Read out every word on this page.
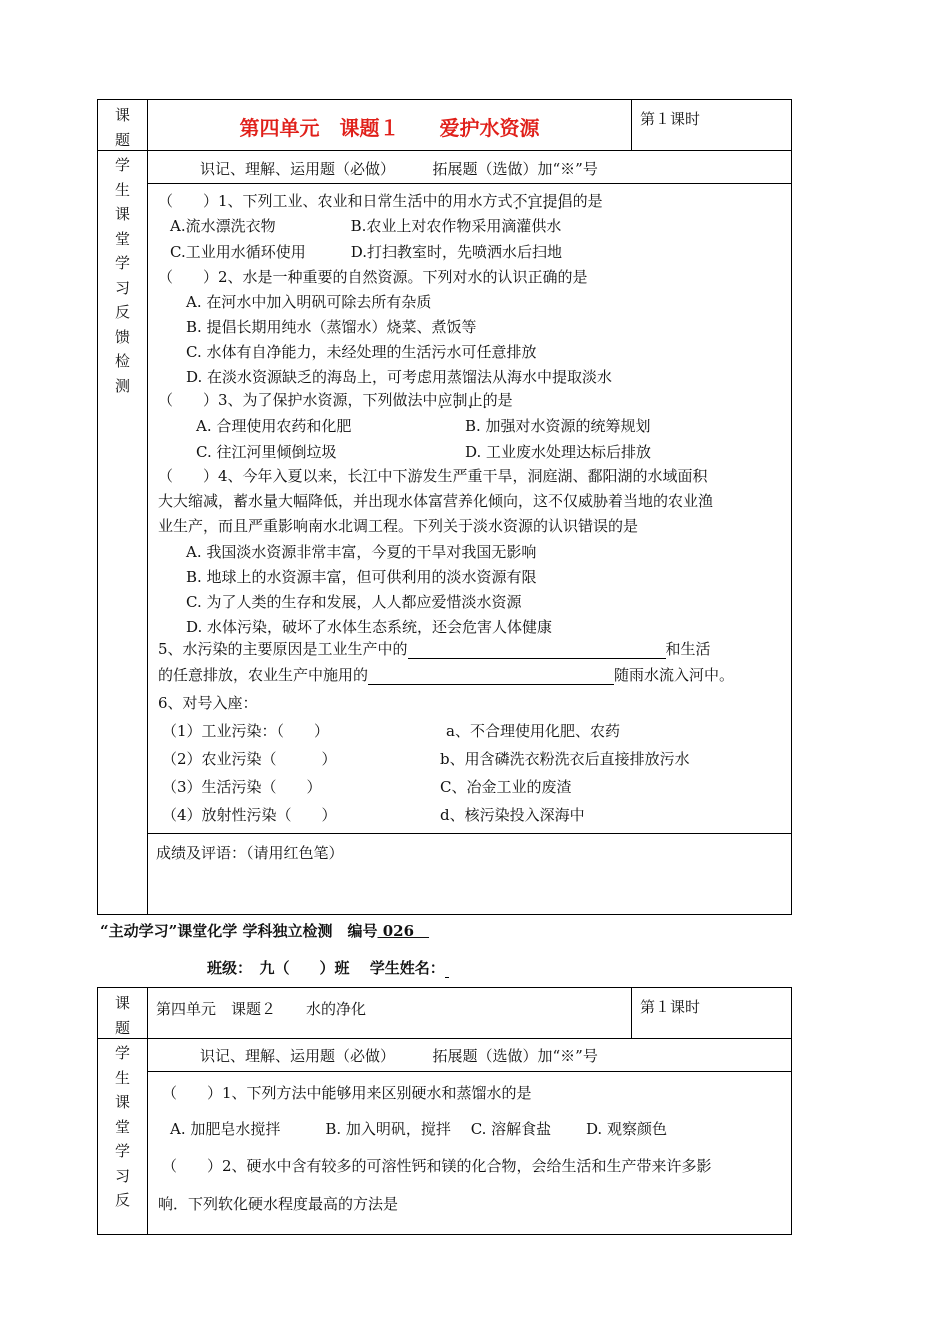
课
题	第四单元　课题１　　爱护水资源	第１课时
学
生
课
堂
学
习
反
馈
检
测
识记、理解、运用题（必做）　　　拓展题（选做）加“※”号
（　　）1、下列工业、农业和日常生活中的用水方式不宜提倡 • • • •的是
A.流水漂洗衣物　　　　　B.农业上对农作物采用滴灌供水
C.工业用水循环使用　　　D.打扫教室时，先喷洒水后扫地
（　　）2、水是一种重要的自然资源。下列对水的认识正确的是
A. 在河水中加入明矾可除去所有杂质
B. 提倡长期用纯水（蒸馏水）烧菜、煮饭等
C. 水体有自净能力，未经处理的生活污水可任意排放
D. 在淡水资源缺乏的海岛上，可考虑用蒸馏法从海水中提取淡水
（　　）3、为了保护水资源，下列做法中应制止 • • • •的是
A. 合理使用农药和化肥	B. 加强对水资源的统筹规划
C. 往江河里倾倒垃圾	D. 工业废水处理达标后排放
（　　）4、今年入夏以来，长江中下游发生严重干旱，洞庭湖、鄱阳湖的水域面积
大大缩减，蓄水量大幅降低，并出现水体富营养化倾向，这不仅威胁着当地的农业渔
业生产，而且严重影响南水北调工程。下列关于淡水资源的认识错误的是
A. 我国淡水资源非常丰富，今夏的干旱对我国无影响
B. 地球上的水资源丰富，但可供利用的淡水资源有限
C. 为了人类的生存和发展，人人都应爱惜淡水资源
D. 水体污染，破坏了水体生态系统，还会危害人体健康
5、水污染的主要原因是工业生产中的	和生活
的任意排放，农业生产中施用的	随雨水流入河中。
6、对号入座：
（1）工业污染：（　　）	a、不合理使用化肥、农药
（2）农业污染（　　　）	b、用含磷洗衣粉洗衣后直接排放污水
（3）生活污染（　　）	C、冶金工业的废渣
（4）放射性污染（　　）	d、核污染投入深海中
成绩及评语：（请用红色笔）
“主动学习”课堂化学 学科独立检测　编号 026　
班级：　九（　　）班　 学生姓名：
课
题
第四单元　课题２　　水的净化	第１课时
学
生
课
堂
学
习
反
识记、理解、运用题（必做）　　　拓展题（选做）加“※”号
（　　）1、下列方法中能够用来区别硬水和蒸馏水的是
A. 加肥皂水搅拌　　　B. 加入明矾，搅拌　 C. 溶解食盐　　 D. 观察颜色
（　　）2、硬水中含有较多的可溶性钙和镁的化合物，会给生活和生产带来许多影
响．下列软化硬水程度最高的方法是
